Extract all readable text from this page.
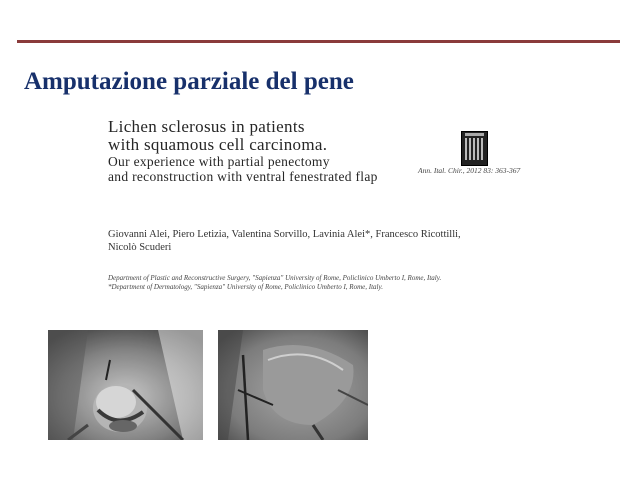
Amputazione parziale del pene
Lichen sclerosus in patients
with squamous cell carcinoma.
Our experience with partial penectomy
and reconstruction with ventral fenestrated flap	Ann. Ital. Chir., 2012 83: 363-367
Giovanni Alei, Piero Letizia, Valentina Sorvillo, Lavinia Alei*, Francesco Ricottilli, Nicolò Scuderi
Department of Plastic and Reconstructive Surgery, "Sapienza" University of Rome, Policlinico Umberto I, Rome, Italy.
*Department of Dermatology, "Sapienza" University of Rome, Policlinico Umberto I, Rome, Italy.
